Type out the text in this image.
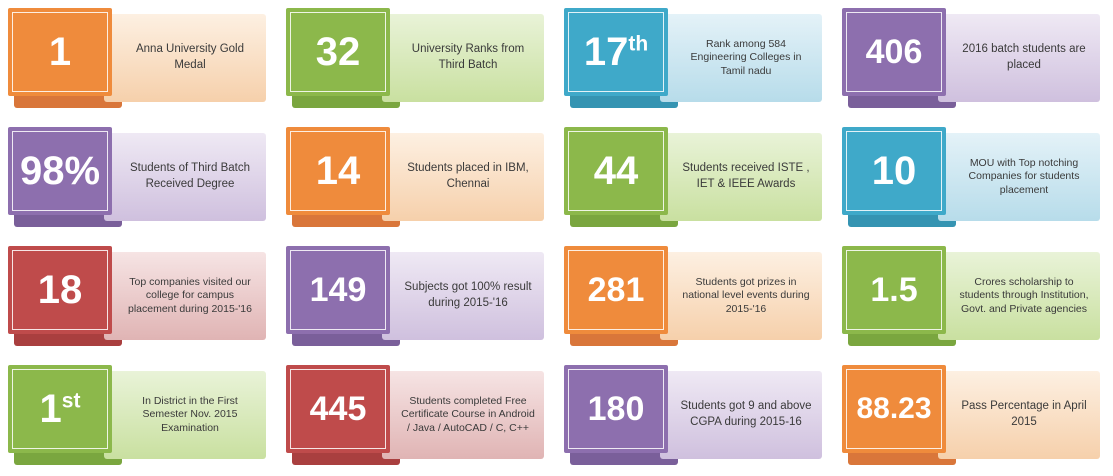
Anna University Gold Medal
1	University Ranks from Third Batch
32	Rank among 584 Engineering Colleges in Tamil nadu
17th	2016 batch students are placed
406
Students of Third Batch Received Degree
98%	Students placed in IBM, Chennai
14	Students received ISTE , IET & IEEE Awards
44	MOU with Top notching Companies for students placement
10
Top companies visited our college for campus placement during 2015-'16
18	Subjects got 100% result during 2015-'16
149	Students got prizes in national level events during 2015-'16
281	Crores scholarship to students through Institution, Govt. and Private agencies
1.5
In District in the First Semester Nov. 2015 Examination
1st	Students completed Free Certificate Course in Android / Java / AutoCAD / C, C++
445	Students got 9 and above CGPA during 2015-16
180	Pass Percentage in April 2015
88.23
